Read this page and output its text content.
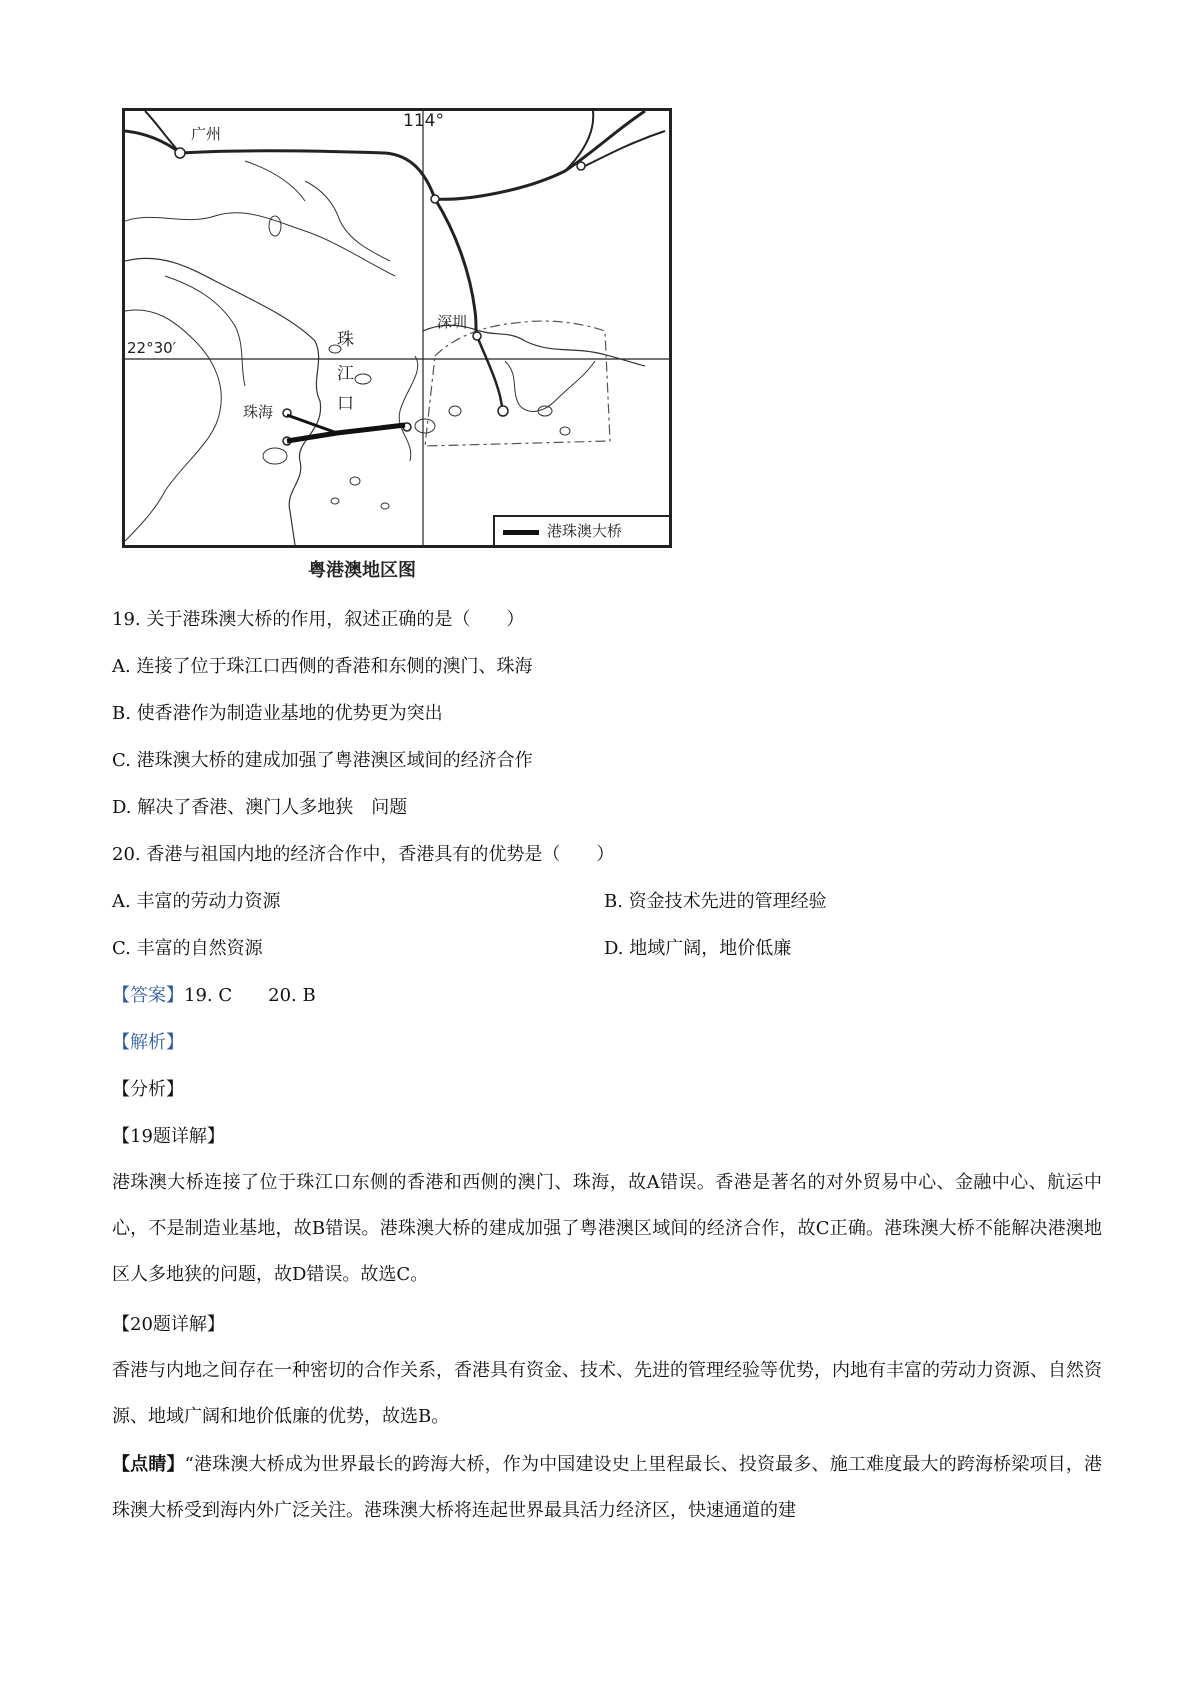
广州
114°
22°30′
深圳
珠海
珠
江
口
港珠澳大桥
粤港澳地区图
19. 关于港珠澳大桥的作用，叙述正确的是（　　）
A. 连接了位于珠江口西侧的香港和东侧的澳门、珠海
B. 使香港作为制造业基地的优势更为突出
C. 港珠澳大桥的建成加强了粤港澳区域间的经济合作
D. 解决了香港、澳门人多地狭　问题
20. 香港与祖国内地的经济合作中，香港具有的优势是（　　）
A. 丰富的劳动力资源	B. 资金技术先进的管理经验
C. 丰富的自然资源	D. 地域广阔，地价低廉
【答案】19. C　　20. B
【解析】
【分析】
【19题详解】
港珠澳大桥连接了位于珠江口东侧的香港和西侧的澳门、珠海，故A错误。香港是著名的对外贸易中心、金融中心、航运中心，不是制造业基地，故B错误。港珠澳大桥的建成加强了粤港澳区域间的经济合作，故C正确。港珠澳大桥不能解决港澳地区人多地狭的问题，故D错误。故选C。
【20题详解】
香港与内地之间存在一种密切的合作关系，香港具有资金、技术、先进的管理经验等优势，内地有丰富的劳动力资源、自然资源、地域广阔和地价低廉的优势，故选B。
【点睛】“港珠澳大桥成为世界最长的跨海大桥，作为中国建设史上里程最长、投资最多、施工难度最大的跨海桥梁项目，港珠澳大桥受到海内外广泛关注。港珠澳大桥将连起世界最具活力经济区，快速通道的建
